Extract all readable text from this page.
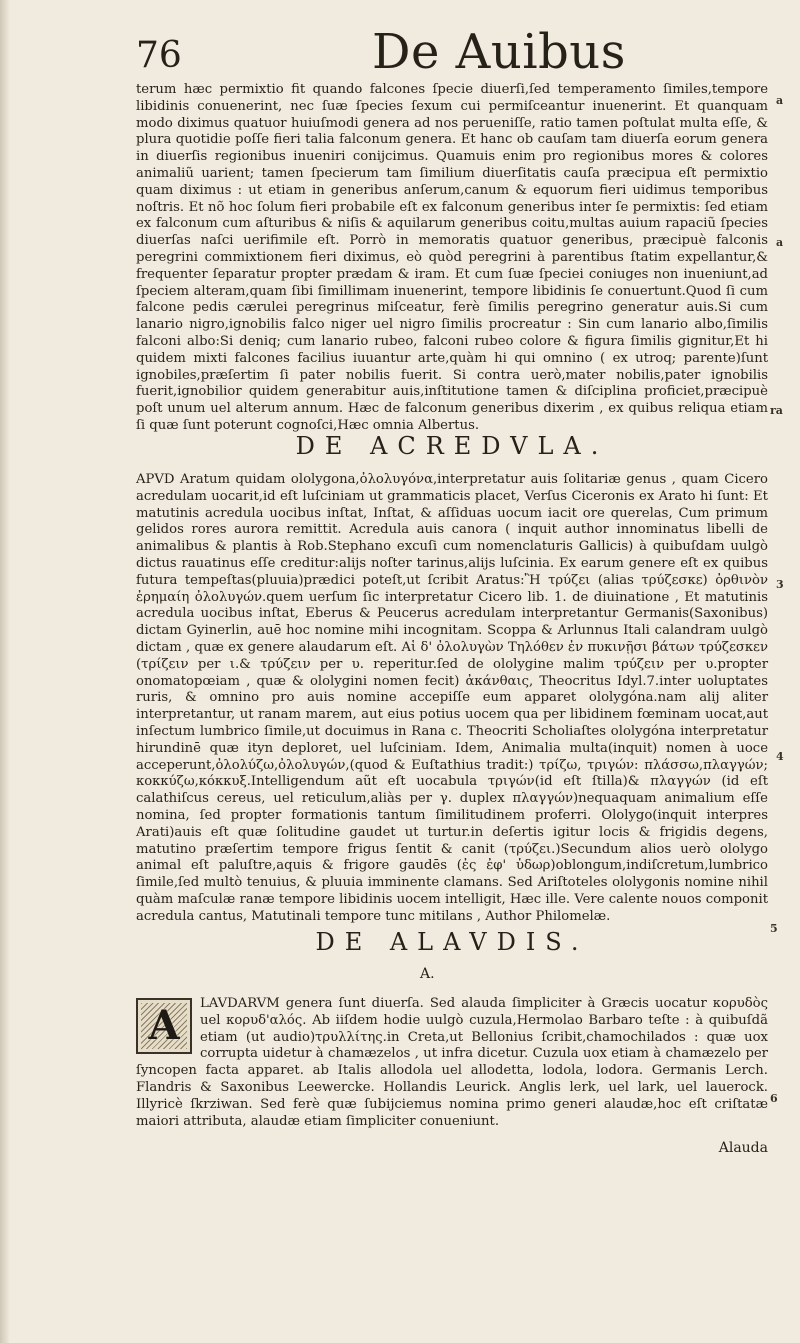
76	De Auibus

terum hæc permixtio fit quando falcones ſpecie diuerſi,ſed temperamento ſimiles,tempore libidinis conuenerint, nec ſuæ ſpecies ſexum cui permiſceantur inuenerint. Et quanquam modo diximus quatuor huiuſmodi genera ad nos perueniſſe, ratio tamen poſtulat multa eſſe, & plura quotidie poſſe fieri talia falconum genera. Et hanc ob cauſam tam diuerſa eorum genera in diuerſis regionibus inueniri conijcimus. Quamuis enim pro regionibus mores & colores animaliũ uarient; tamen ſpecierum tam ſimilium diuerſitatis cauſa præcipua eſt permixtio quam diximus : ut etiam in generibus anſerum,canum & equorum fieri uidimus temporibus noſtris. Et nõ hoc ſolum fieri probabile eſt ex falconum generibus inter ſe permixtis: ſed etiam ex falconum cum aſturibus & niſis & aquilarum generibus coitu,multas auium rapaciũ ſpecies diuerſas naſci uerifimile eſt. Porrò in memoratis quatuor generibus, præcipuè falconis peregrini commixtionem fieri diximus, eò quòd peregrini à parentibus ſtatim expellantur,& frequenter ſeparatur propter prædam & iram. Et cum ſuæ ſpeciei coniuges non inueniunt,ad ſpeciem alteram,quam ſibi ſimillimam inuenerint, tempore libidinis ſe conuertunt.Quod ſi cum falcone pedis cærulei peregrinus miſceatur, ferè ſimilis peregrino generatur auis.Si cum lanario nigro,ignobilis falco niger uel nigro ſimilis procreatur : Sin cum lanario albo,ſimilis falconi albo:Si deniq; cum lanario rubeo, falconi rubeo colore & figura ſimilis gignitur,Et hi quidem mixti falcones facilius iuuantur arte,quàm hi qui omnino ( ex utroq; parente)ſunt ignobiles,præſertim ſi pater nobilis fuerit. Si contra uerò,mater nobilis,pater ignobilis fuerit,ignobilior quidem generabitur auis,inſtitutione tamen & diſciplina proficiet,præcipuè poſt unum uel alterum annum. Hæc de falconum generibus dixerim , ex quibus reliqua etiam ſi quæ ſunt poterunt cognoſci,Hæc omnia Albertus.

DE ACREDVLA.

APVD Aratum quidam ololygona,ὀλολυγόνα,interpretatur auis ſolitariæ genus , quam Cicero acredulam uocarit,id eſt luſciniam ut grammaticis placet, Verſus Ciceronis ex Arato hi ſunt: Et matutinis acredula uocibus inſtat, Inſtat, & aſſiduas uocum iacit ore querelas, Cum primum gelidos rores aurora remittit. Acredula auis canora ( inquit author innominatus libelli de animalibus & plantis à Rob.Stephano excuſi cum nomenclaturis Gallicis) à quibuſdam uulgò dictus rauatinus eſſe creditur:alijs noſter tarinus,alijs luſcinia. Ex earum genere eſt ex quibus futura tempeſtas(pluuia)prædici poteſt,ut ſcribit Aratus:Ἢ τρύζει (alias τρύζεσκε) ὀρθινὸν ἐρημαίη ὀλολυγών.quem uerſum ſic interpretatur Cicero lib. 1. de diuinatione , Et matutinis acredula uocibus inſtat, Eberus & Peucerus acredulam interpretantur Germanis(Saxonibus) dictam Gyinerlin, auē hoc nomine mihi incognitam. Scoppa & Arlunnus Itali calandram uulgò dictam , quæ ex genere alaudarum eſt. Αἱ δ' ὀλολυγὼν Τηλόθεν ἐν πυκινῇσι βάτων τρύζεσκεν (τρίζειν per ι.& τρύζειν per υ. reperitur.ſed de ololygine malim τρύζειν per υ.propter onomatopœiam , quæ & ololygini nomen fecit) ἀκάνθαις, Theocritus Idyl.7.inter uoluptates ruris, & omnino pro auis nomine accepiſſe eum apparet ololygóna.nam alij aliter interpretantur, ut ranam marem, aut eius potius uocem qua per libidinem fœminam uocat,aut inſectum lumbrico ſimile,ut docuimus in Rana c. Theocriti Scholiaſtes ololygóna interpretatur hirundinē quæ ityn deploret, uel luſciniam. Idem, Animalia multa(inquit) nomen à uoce acceperunt,ὀλολύζω,ὀλολυγών,(quod & Euſtathius tradit:) τρίζω, τριγών: πλάσσω,πλαγγών; κοκκύζω,κόκκυξ.Intelligendum aũt eſt uocabula τριγών(id eſt ſtilla)& πλαγγών (id eſt calathiſcus cereus, uel reticulum,aliàs per γ. duplex πλαγγών)nequaquam animalium eſſe nomina, ſed propter formationis tantum ſimilitudinem proferri. Ololygo(inquit interpres Arati)auis eſt quæ ſolitudine gaudet ut turtur.in deſertis igitur locis & frigidis degens, matutino præſertim tempore frigus ſentit & canit (τρύζει.)Secundum alios uerò ololygo animal eſt paluſtre,aquis & frigore gaudēs (ἐς ἐφ' ὑδωρ)oblongum,indiſcretum,lumbrico ſimile,ſed multò tenuius, & pluuia imminente clamans. Sed Ariſtoteles ololygonis nomine nihil quàm maſculæ ranæ tempore libidinis uocem intelligit, Hæc ille. Vere calente nouos componit acredula cantus, Matutinali tempore tunc mitilans , Author Philomelæ.

DE ALAVDIS.
A.
A	LAVDARVM genera ſunt diuerſa. Sed alauda ſimpliciter à Græcis uocatur κορυδὸς uel κορυδ'αλός. Ab iiſdem hodie uulgò cuzula,Hermolao Barbaro teſte : à quibuſdã etiam (ut audio)τρυλλίτης.in Creta,ut Bellonius ſcribit,chamochilados : quæ uox corrupta uidetur à chamæzelos , ut infra dicetur. Cuzula uox etiam à chamæzelo per ſyncopen facta apparet. ab Italis allodola uel allodetta, lodola, lodora. Germanis Lerch. Flandris & Saxonibus Leewercke. Hollandis Leurick. Anglis lerk, uel lark, uel lauerock. Illyricè ſkrziwan. Sed ferè quæ ſubijciemus nomina primo generi alaudæ,hoc eſt criſtatæ maiori attributa, alaudæ etiam ſimpliciter conueniunt.

Alauda
ra
a
a
3
4
5
6
